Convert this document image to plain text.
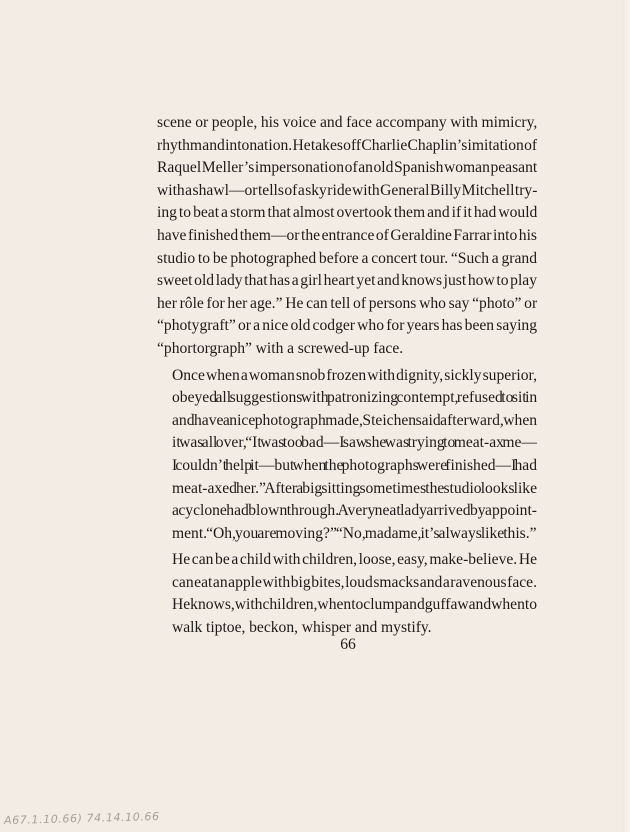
scene or people, his voice and face accompany with mimicry,
rhythm and intonation. He takes off Charlie Chaplin’s imitation of
Raquel Meller’s impersonation of an old Spanish woman peasant
with a shawl—or tells of a sky ride with General Billy Mitchell try-
ing to beat a storm that almost overtook them and if it had would
have finished them—or the entrance of Geraldine Farrar into his
studio to be photographed before a concert tour. “Such a grand
sweet old lady that has a girl heart yet and knows just how to play
her rôle for her age.” He can tell of persons who say “photo” or
“photygraft” or a nice old codger who for years has been saying
“phortorgraph” with a screwed-up face.

Once when a woman snob frozen with dignity, sickly superior,
obeyed all suggestions with patronizing contempt, refused to sit in
and have a nice photograph made, Steichen said afterward, when
it was all over, “It was too bad—I saw she was trying to meat-ax me—
I couldn’t help it—but when the photographs were finished—I had
meat-axed her.” After a big sitting sometimes the studio looks like
a cyclone had blown through. A very neat lady arrived by appoint-
ment. “Oh, you are moving?” “No, madame, it’s always like this.”

He can be a child with children, loose, easy, make-believe. He
can eat an apple with big bites, loud smacks and a ravenous face.
He knows, with children, when to clump and guffaw and when to
walk tiptoe, beckon, whisper and mystify.

66
A67.1.10.66) 74.14.10.66
